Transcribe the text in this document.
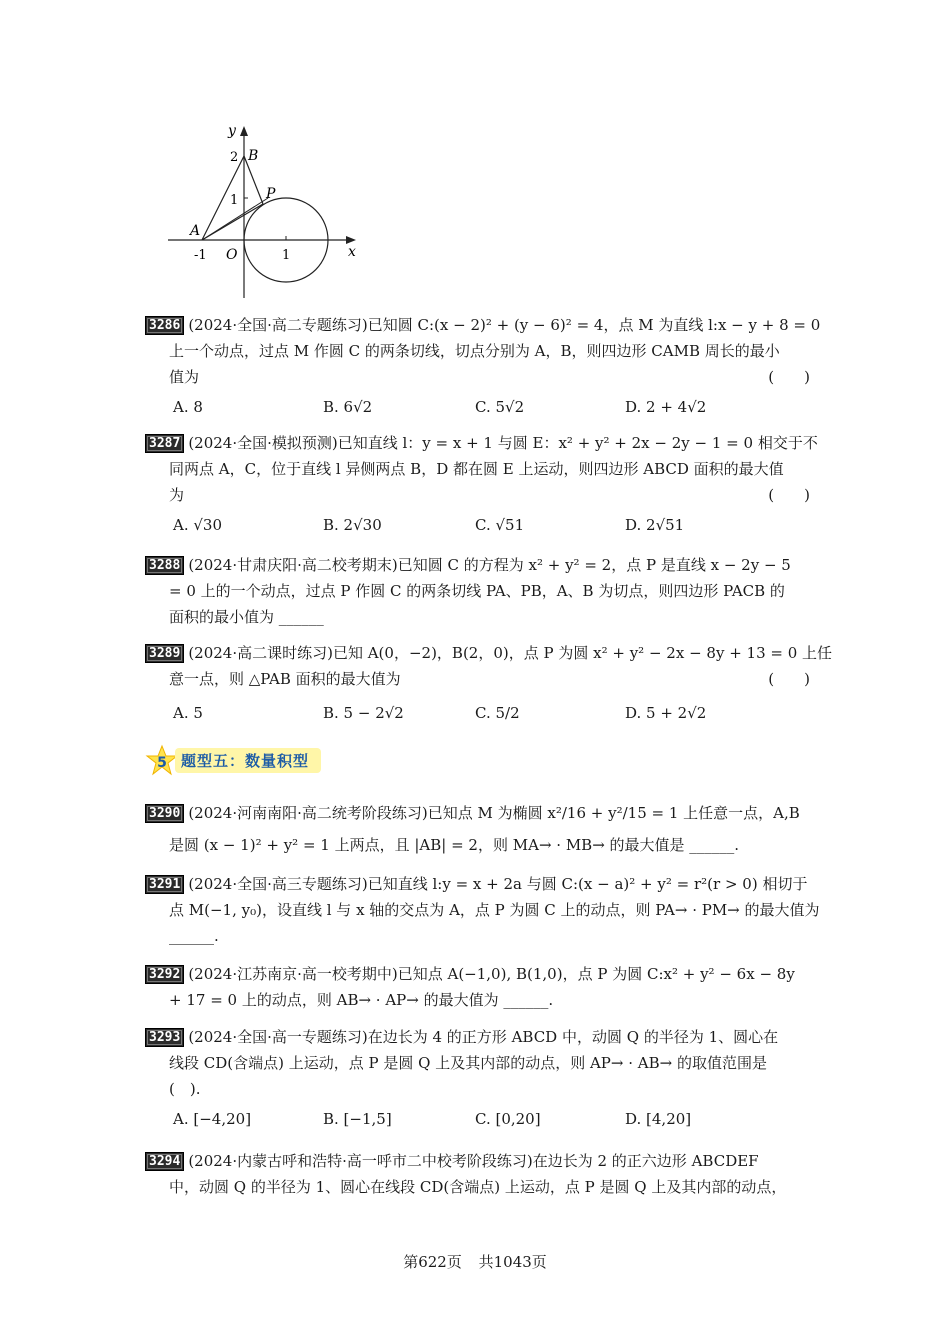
y
x
O
-1	1
1
2
A
B
P
3286 (2024·全国·高二专题练习)已知圆 C:(x − 2)² + (y − 6)² = 4，点 M 为直线 l:x − y + 8 = 0
上一个动点，过点 M 作圆 C 的两条切线，切点分别为 A，B，则四边形 CAMB 周长的最小
值为	(　　)
A. 8	B. 6√2	C. 5√2	D. 2 + 4√2
3287 (2024·全国·模拟预测)已知直线 l：y = x + 1 与圆 E：x² + y² + 2x − 2y − 1 = 0 相交于不
同两点 A，C，位于直线 l 异侧两点 B，D 都在圆 E 上运动，则四边形 ABCD 面积的最大值
为	(　　)
A. √30	B. 2√30	C. √51	D. 2√51
3288 (2024·甘肃庆阳·高二校考期末)已知圆 C 的方程为 x² + y² = 2，点 P 是直线 x − 2y − 5
= 0 上的一个动点，过点 P 作圆 C 的两条切线 PA、PB，A、B 为切点，则四边形 PACB 的
面积的最小值为 ______
3289 (2024·高二课时练习)已知 A(0，−2)，B(2，0)，点 P 为圆 x² + y² − 2x − 8y + 13 = 0 上任
意一点，则 △PAB 面积的最大值为	(　　)
A. 5	B. 5 − 2√2	C. 5/2	D. 5 + 2√2
5 题型五：数量积型
3290 (2024·河南南阳·高二统考阶段练习)已知点 M 为椭圆 x²/16 + y²/15 = 1 上任意一点，A,B
是圆 (x − 1)² + y² = 1 上两点，且 |AB| = 2，则 MA→ · MB→ 的最大值是 ______.
3291 (2024·全国·高三专题练习)已知直线 l:y = x + 2a 与圆 C:(x − a)² + y² = r²(r > 0) 相切于
点 M(−1, y₀)，设直线 l 与 x 轴的交点为 A，点 P 为圆 C 上的动点，则 PA→ · PM→ 的最大值为
______.
3292 (2024·江苏南京·高一校考期中)已知点 A(−1,0), B(1,0)，点 P 为圆 C:x² + y² − 6x − 8y
+ 17 = 0 上的动点，则 AB→ · AP→ 的最大值为 ______.
3293 (2024·全国·高一专题练习)在边长为 4 的正方形 ABCD 中，动圆 Q 的半径为 1、圆心在
线段 CD(含端点) 上运动，点 P 是圆 Q 上及其内部的动点，则 AP→ · AB→ 的取值范围是
(　).
A. [−4,20]	B. [−1,5]	C. [0,20]	D. [4,20]
3294 (2024·内蒙古呼和浩特·高一呼市二中校考阶段练习)在边长为 2 的正六边形 ABCDEF
中，动圆 Q 的半径为 1、圆心在线段 CD(含端点) 上运动，点 P 是圆 Q 上及其内部的动点，
第622页 共1043页
